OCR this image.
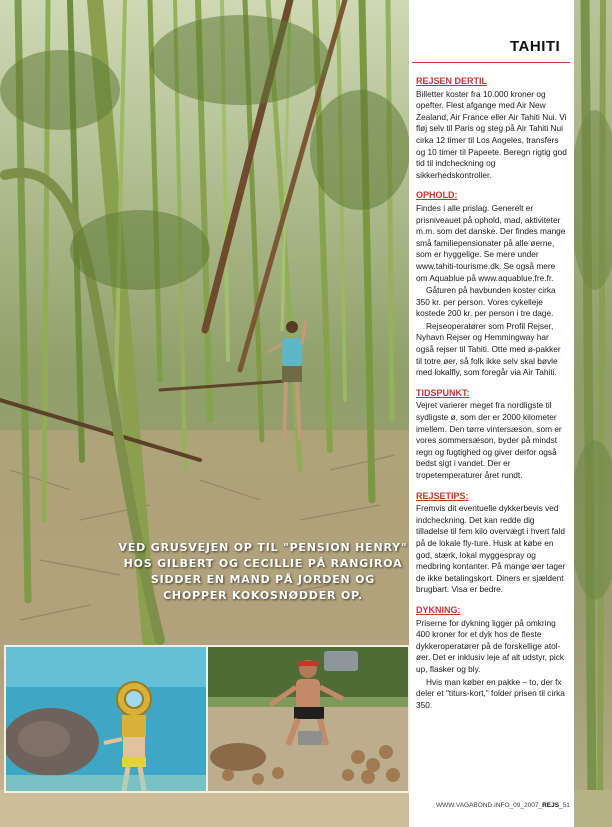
TAHITI
REJSEN DERTIL

Billetter koster fra 10.000 kroner og opefter. Flest afgange med Air New Zealand, Air France eller Air Tahiti Nui. Vi fløj selv til Paris og steg på Air Tahiti Nui cirka 12 timer til Los Angeles, transfers og 10 timer til Papeete. Beregn rigtig god tid til indcheckning og sikkerhedskontroller.

OPHOLD:

Findes i alle prislag. Generelt er prisniveauet på ophold, mad, aktiviteter m.m. som det danske. Der findes mange små familiepensionater på alle øerne, som er hyggelige. Se mere under www.tahiti-tourisme.dk. Se også mere om Aquablue på www.aquablue.fre.fr.

Gåturen på havbunden koster cirka 350 kr. per person. Vores cykelleje kostede 200 kr. per person i tre dage.

Rejseoperatører som Profil Rejser, Nyhavn Rejser og Hemmingway har også rejser til Tahiti. Otte med ø-pakker til totre øer, så folk ikke selv skal bøvle med lokalfly, som foregår via Air Tahiti.

TIDSPUNKT:

Vejret varierer meget fra nordligste til sydligste ø, som der er 2000 kilometer imellem. Den tørre vintersæson, som er vores sommersæson, byder på mindst regn og fugtighed og giver derfor også bedst sigt i vandet. Der er tropetemperaturer året rundt.

REJSETIPS:

Fremvis dit eventuelle dykkerbevis ved indcheckning. Det kan redde dig tilladelse til fem kilo overvægt i hvert fald på de lokale fly-ture. Husk at købe en god, stærk, lokal myggespray og medbring kontanter. På mange øer tager de ikke betalingskort. Diners er sjældent brugbart. Visa er bedre.

DYKNING:

Priserne for dykning ligger på omkring 400 kroner for et dyk hos de fleste dykkeroperatører på de forskellige atol-øer. Det er inklusiv leje af alt udstyr, pick up, flasker og bly.

Hvis man køber en pakke – to, der fx deler et "titurs-kort," folder prisen til cirka 350.

VED GRUSVEJEN OP TIL "PENSION HENRY" HOS GILBERT OG CECILLIE PÅ RANGIROA SIDDER EN MAND PÅ JORDEN OG CHOPPER KOKOSNØDDER OP.
WWW.VAGABOND.INFO_09_2007_REJS_51
